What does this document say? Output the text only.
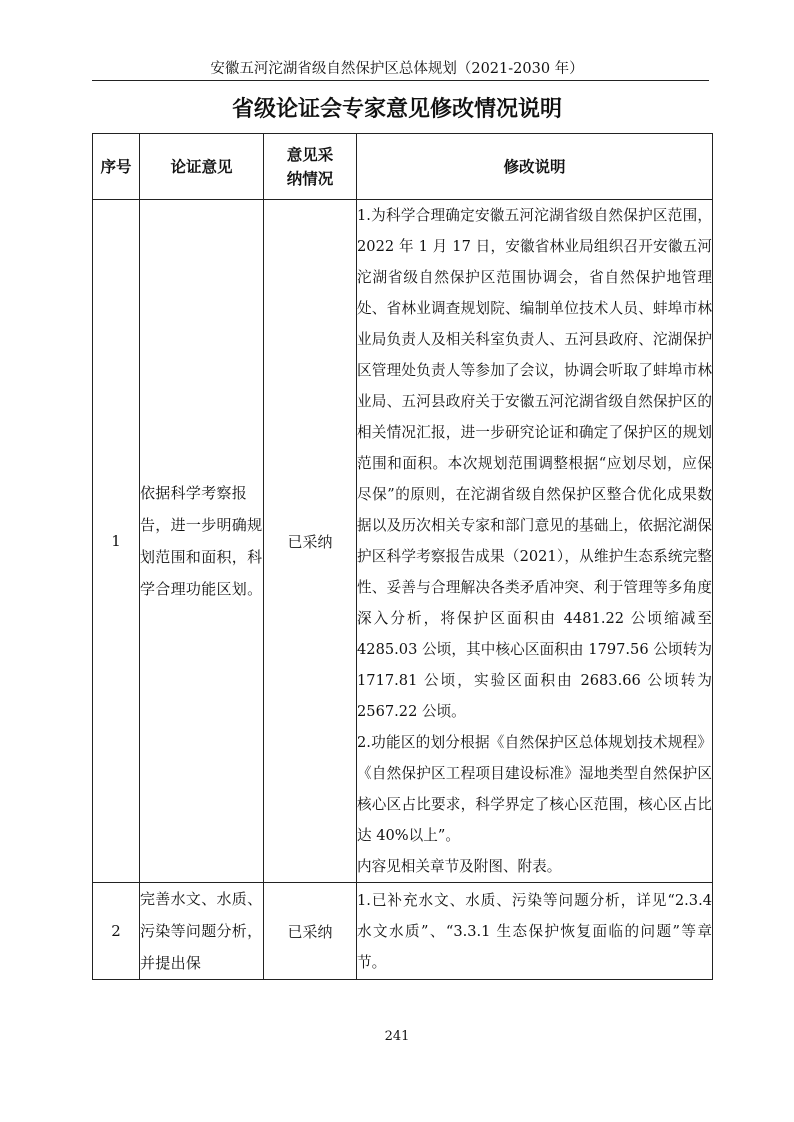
安徽五河沱湖省级自然保护区总体规划（2021-2030 年）
省级论证会专家意见修改情况说明
序号	论证意见	意见采纳情况	修改说明
1	依据科学考察报告，进一步明确规划范围和面积，科学合理功能区划。	已采纳	1.为科学合理确定安徽五河沱湖省级自然保护区范围，2022 年 1 月 17 日，安徽省林业局组织召开安徽五河沱湖省级自然保护区范围协调会，省自然保护地管理处、省林业调查规划院、编制单位技术人员、蚌埠市林业局负责人及相关科室负责人、五河县政府、沱湖保护区管理处负责人等参加了会议，协调会听取了蚌埠市林业局、五河县政府关于安徽五河沱湖省级自然保护区的相关情况汇报，进一步研究论证和确定了保护区的规划范围和面积。本次规划范围调整根据“应划尽划，应保尽保”的原则，在沱湖省级自然保护区整合优化成果数据以及历次相关专家和部门意见的基础上，依据沱湖保护区科学考察报告成果（2021），从维护生态系统完整性、妥善与合理解决各类矛盾冲突、利于管理等多角度深入分析，将保护区面积由 4481.22 公顷缩减至 4285.03 公顷，其中核心区面积由 1797.56 公顷转为 1717.81 公顷，实验区面积由 2683.66 公顷转为 2567.22 公顷。

2.功能区的划分根据《自然保护区总体规划技术规程》《自然保护区工程项目建设标准》湿地类型自然保护区核心区占比要求，科学界定了核心区范围，核心区占比达 40%以上”。

内容见相关章节及附图、附表。

2	完善水文、水质、污染等问题分析，并提出保	已采纳	1.已补充水文、水质、污染等问题分析，详见“2.3.4 水文水质”、“3.3.1 生态保护恢复面临的问题”等章节。

241
